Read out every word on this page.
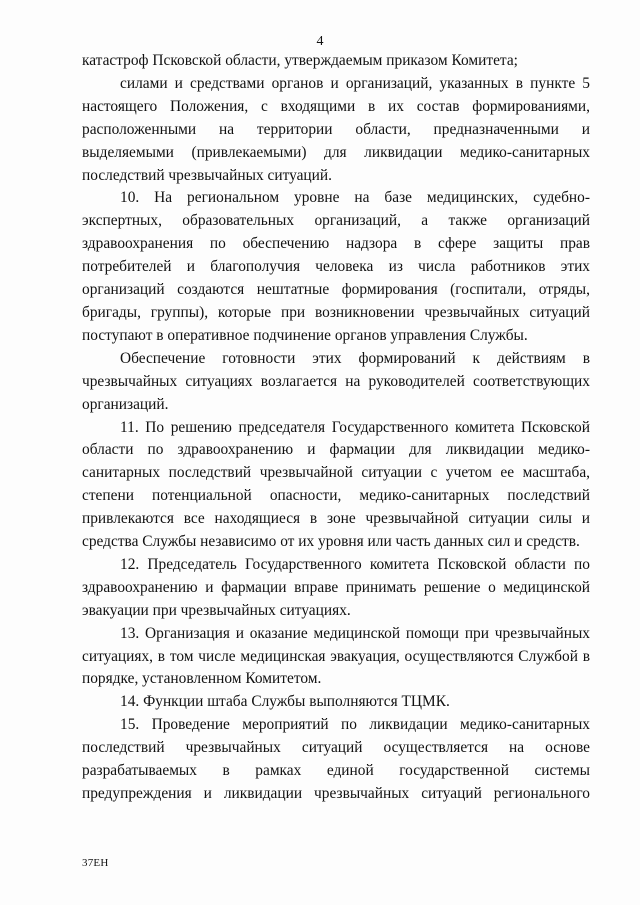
4

катастроф Псковской области, утверждаемым приказом Комитета;

силами и средствами органов и организаций, указанных в пункте 5 настоящего Положения, с входящими в их состав формированиями, расположенными на территории области, предназначенными и выделяемыми (привлекаемыми) для ликвидации медико-санитарных последствий чрезвычайных ситуаций.

10. На региональном уровне на базе медицинских, судебно-экспертных, образовательных организаций, а также организаций здравоохранения по обеспечению надзора в сфере защиты прав потребителей и благополучия человека из числа работников этих организаций создаются нештатные формирования (госпитали, отряды, бригады, группы), которые при возникновении чрезвычайных ситуаций поступают в оперативное подчинение органов управления Службы.

Обеспечение готовности этих формирований к действиям в чрезвычайных ситуациях возлагается на руководителей соответствующих организаций.

11. По решению председателя Государственного комитета Псковской области по здравоохранению и фармации для ликвидации медико-санитарных последствий чрезвычайной ситуации с учетом ее масштаба, степени потенциальной опасности, медико-санитарных последствий привлекаются все находящиеся в зоне чрезвычайной ситуации силы и средства Службы независимо от их уровня или часть данных сил и средств.

12. Председатель Государственного комитета Псковской области по здравоохранению и фармации вправе принимать решение о медицинской эвакуации при чрезвычайных ситуациях.

13. Организация и оказание медицинской помощи при чрезвычайных ситуациях, в том числе медицинская эвакуация, осуществляются Службой в порядке, установленном Комитетом.

14. Функции штаба Службы выполняются ТЦМК.

15. Проведение мероприятий по ликвидации медико-санитарных последствий чрезвычайных ситуаций осуществляется на основе разрабатываемых в рамках единой государственной системы предупреждения и ликвидации чрезвычайных ситуаций регионального

37ЕН
